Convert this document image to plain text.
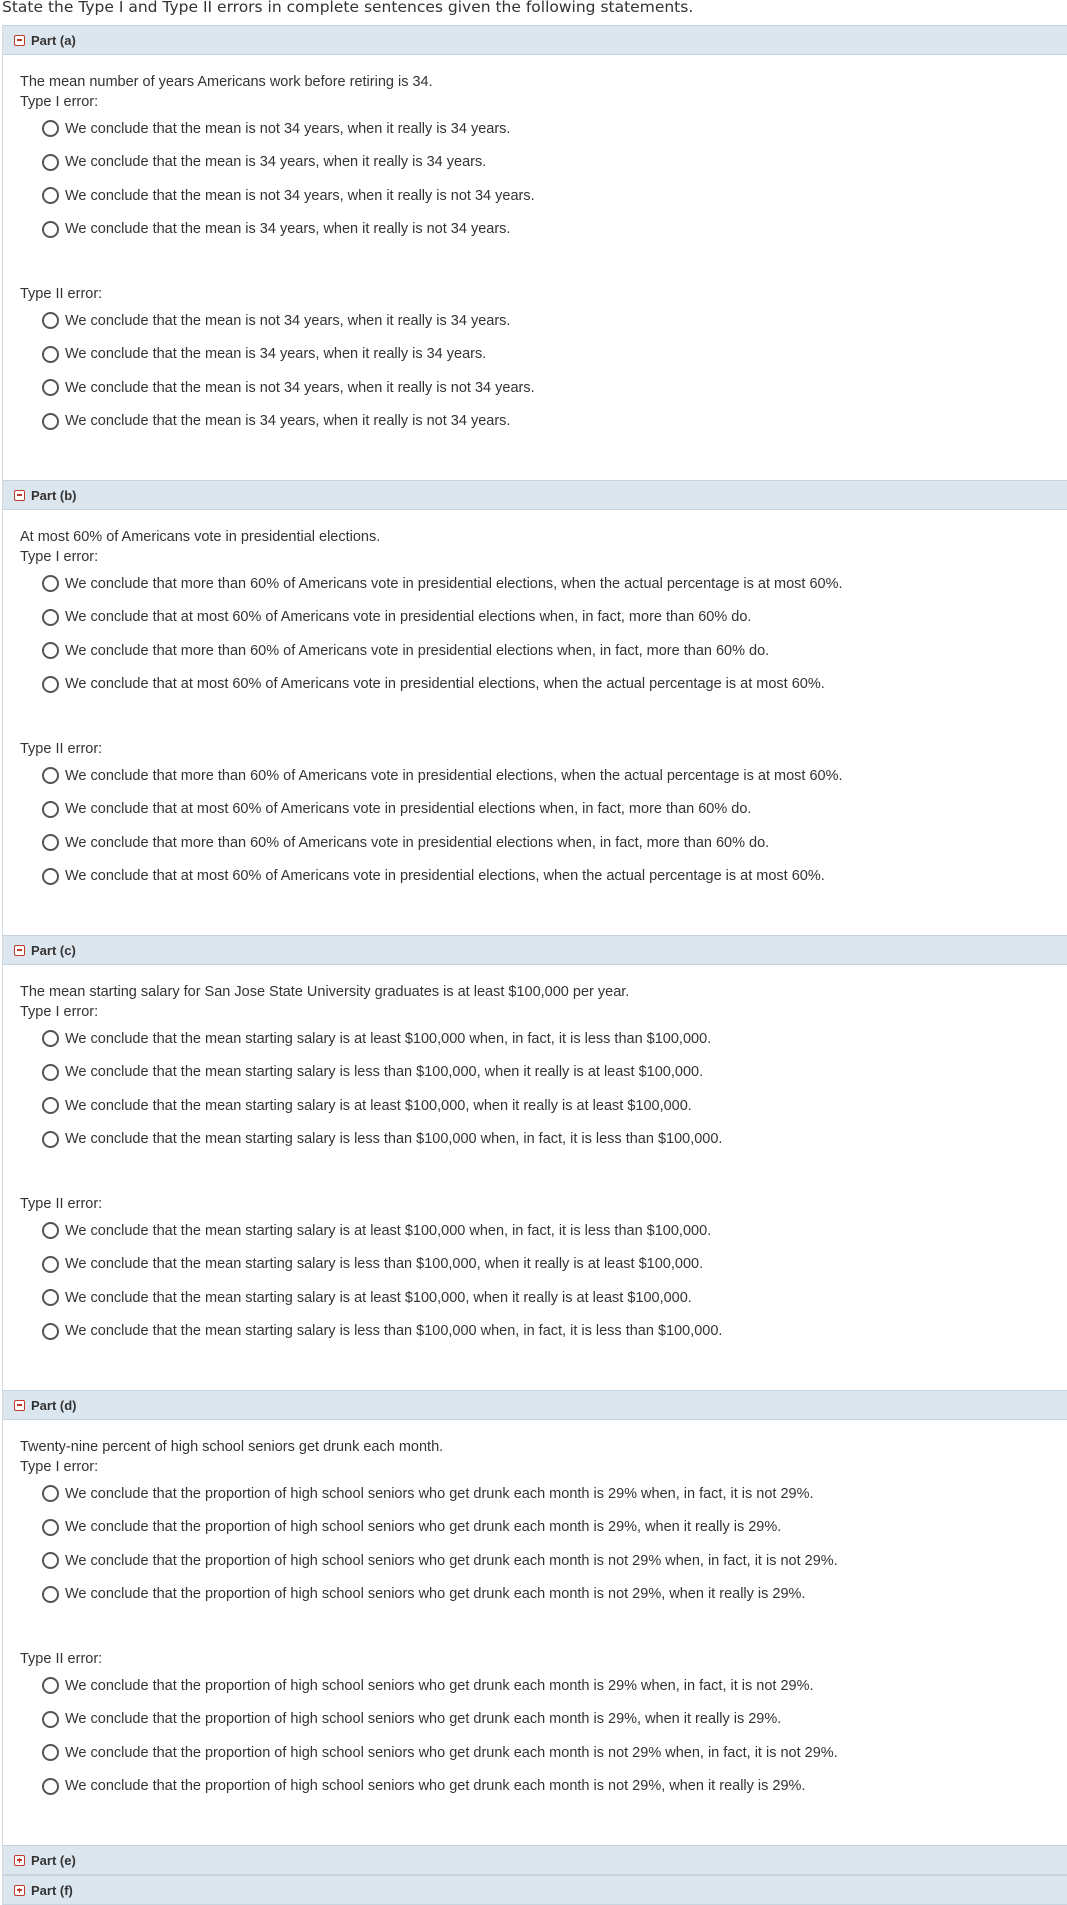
State the Type I and Type II errors in complete sentences given the following statements.
Part (a)
The mean number of years Americans work before retiring is 34.
Type I error:
We conclude that the mean is not 34 years, when it really is 34 years.
We conclude that the mean is 34 years, when it really is 34 years.
We conclude that the mean is not 34 years, when it really is not 34 years.
We conclude that the mean is 34 years, when it really is not 34 years.
Type II error:
We conclude that the mean is not 34 years, when it really is 34 years.
We conclude that the mean is 34 years, when it really is 34 years.
We conclude that the mean is not 34 years, when it really is not 34 years.
We conclude that the mean is 34 years, when it really is not 34 years.
Part (b)
At most 60% of Americans vote in presidential elections.
Type I error:
We conclude that more than 60% of Americans vote in presidential elections, when the actual percentage is at most 60%.
We conclude that at most 60% of Americans vote in presidential elections when, in fact, more than 60% do.
We conclude that more than 60% of Americans vote in presidential elections when, in fact, more than 60% do.
We conclude that at most 60% of Americans vote in presidential elections, when the actual percentage is at most 60%.
Type II error:
We conclude that more than 60% of Americans vote in presidential elections, when the actual percentage is at most 60%.
We conclude that at most 60% of Americans vote in presidential elections when, in fact, more than 60% do.
We conclude that more than 60% of Americans vote in presidential elections when, in fact, more than 60% do.
We conclude that at most 60% of Americans vote in presidential elections, when the actual percentage is at most 60%.
Part (c)
The mean starting salary for San Jose State University graduates is at least $100,000 per year.
Type I error:
We conclude that the mean starting salary is at least $100,000 when, in fact, it is less than $100,000.
We conclude that the mean starting salary is less than $100,000, when it really is at least $100,000.
We conclude that the mean starting salary is at least $100,000, when it really is at least $100,000.
We conclude that the mean starting salary is less than $100,000 when, in fact, it is less than $100,000.
Type II error:
We conclude that the mean starting salary is at least $100,000 when, in fact, it is less than $100,000.
We conclude that the mean starting salary is less than $100,000, when it really is at least $100,000.
We conclude that the mean starting salary is at least $100,000, when it really is at least $100,000.
We conclude that the mean starting salary is less than $100,000 when, in fact, it is less than $100,000.
Part (d)
Twenty-nine percent of high school seniors get drunk each month.
Type I error:
We conclude that the proportion of high school seniors who get drunk each month is 29% when, in fact, it is not 29%.
We conclude that the proportion of high school seniors who get drunk each month is 29%, when it really is 29%.
We conclude that the proportion of high school seniors who get drunk each month is not 29% when, in fact, it is not 29%.
We conclude that the proportion of high school seniors who get drunk each month is not 29%, when it really is 29%.
Type II error:
We conclude that the proportion of high school seniors who get drunk each month is 29% when, in fact, it is not 29%.
We conclude that the proportion of high school seniors who get drunk each month is 29%, when it really is 29%.
We conclude that the proportion of high school seniors who get drunk each month is not 29% when, in fact, it is not 29%.
We conclude that the proportion of high school seniors who get drunk each month is not 29%, when it really is 29%.
Part (e)
Part (f)
